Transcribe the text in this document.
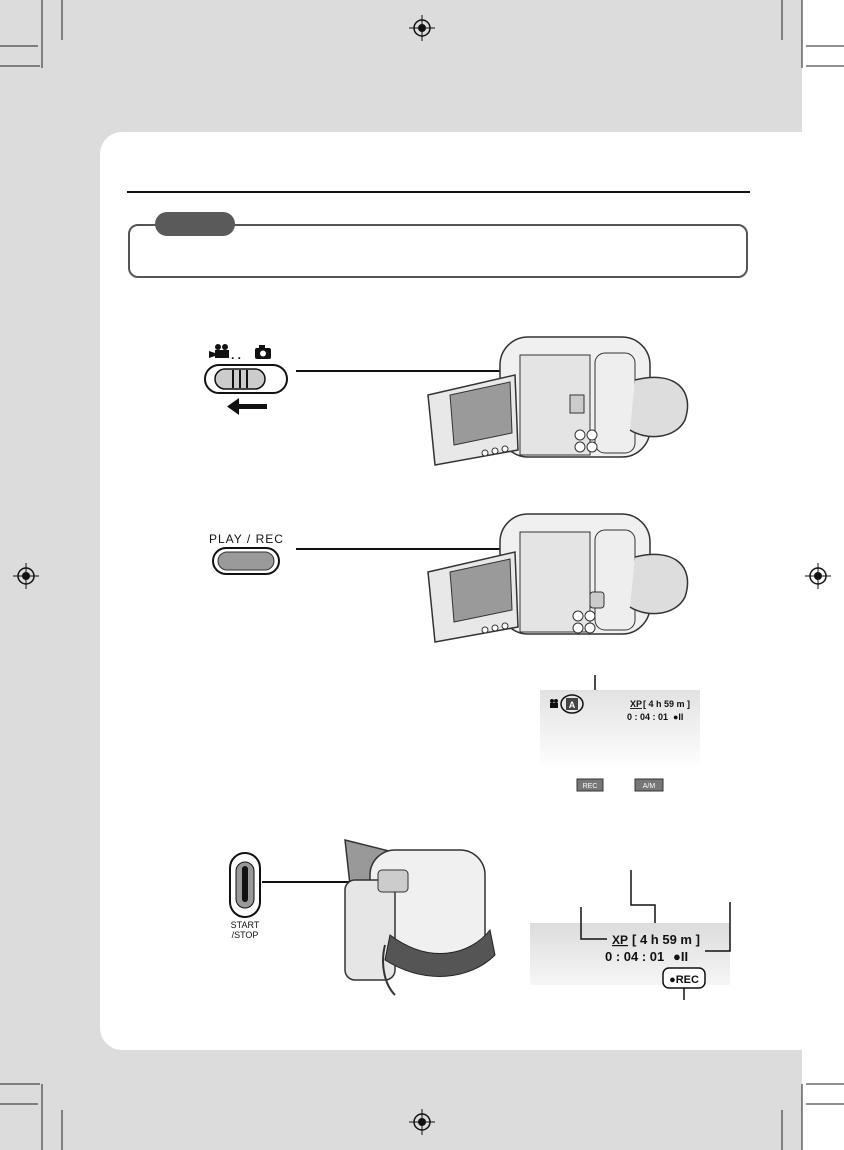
. .
PLAY / REC
A	XP [ 4 h 59 m ]
0 : 04 : 01 ●II
REC	A/M
START
/STOP	XP [ 4 h 59 m ]
0 : 04 : 01 ●II
●REC
